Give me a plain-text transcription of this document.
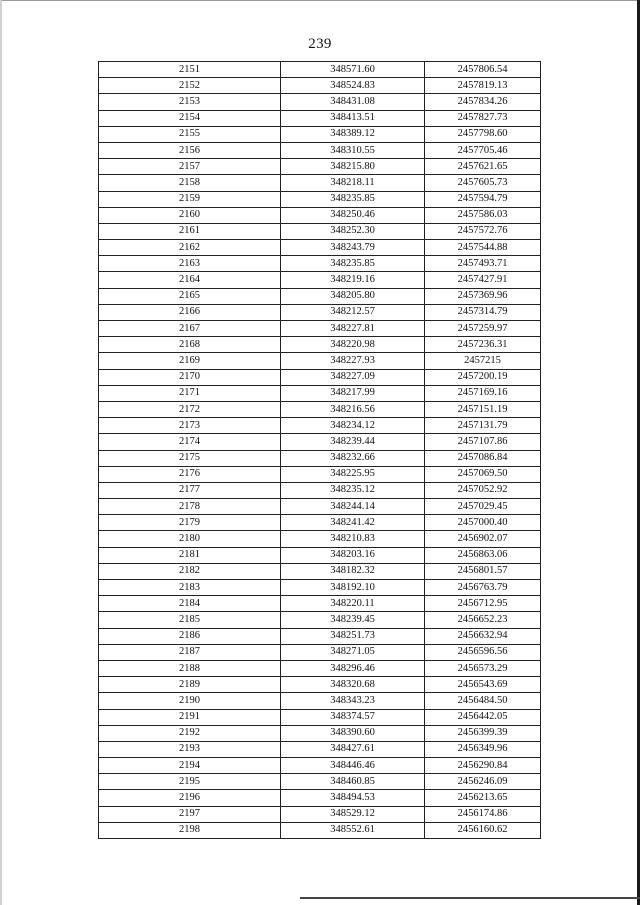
239
2151	348571.60	2457806.54
2152	348524.83	2457819.13
2153	348431.08	2457834.26
2154	348413.51	2457827.73
2155	348389.12	2457798.60
2156	348310.55	2457705.46
2157	348215.80	2457621.65
2158	348218.11	2457605.73
2159	348235.85	2457594.79
2160	348250.46	2457586.03
2161	348252.30	2457572.76
2162	348243.79	2457544.88
2163	348235.85	2457493.71
2164	348219.16	2457427.91
2165	348205.80	2457369.96
2166	348212.57	2457314.79
2167	348227.81	2457259.97
2168	348220.98	2457236.31
2169	348227.93	2457215
2170	348227.09	2457200.19
2171	348217.99	2457169.16
2172	348216.56	2457151.19
2173	348234.12	2457131.79
2174	348239.44	2457107.86
2175	348232.66	2457086.84
2176	348225.95	2457069.50
2177	348235.12	2457052.92
2178	348244.14	2457029.45
2179	348241.42	2457000.40
2180	348210.83	2456902.07
2181	348203.16	2456863.06
2182	348182.32	2456801.57
2183	348192.10	2456763.79
2184	348220.11	2456712.95
2185	348239.45	2456652.23
2186	348251.73	2456632.94
2187	348271.05	2456596.56
2188	348296.46	2456573.29
2189	348320.68	2456543.69
2190	348343.23	2456484.50
2191	348374.57	2456442.05
2192	348390.60	2456399.39
2193	348427.61	2456349.96
2194	348446.46	2456290.84
2195	348460.85	2456246.09
2196	348494.53	2456213.65
2197	348529.12	2456174.86
2198	348552.61	2456160.62
